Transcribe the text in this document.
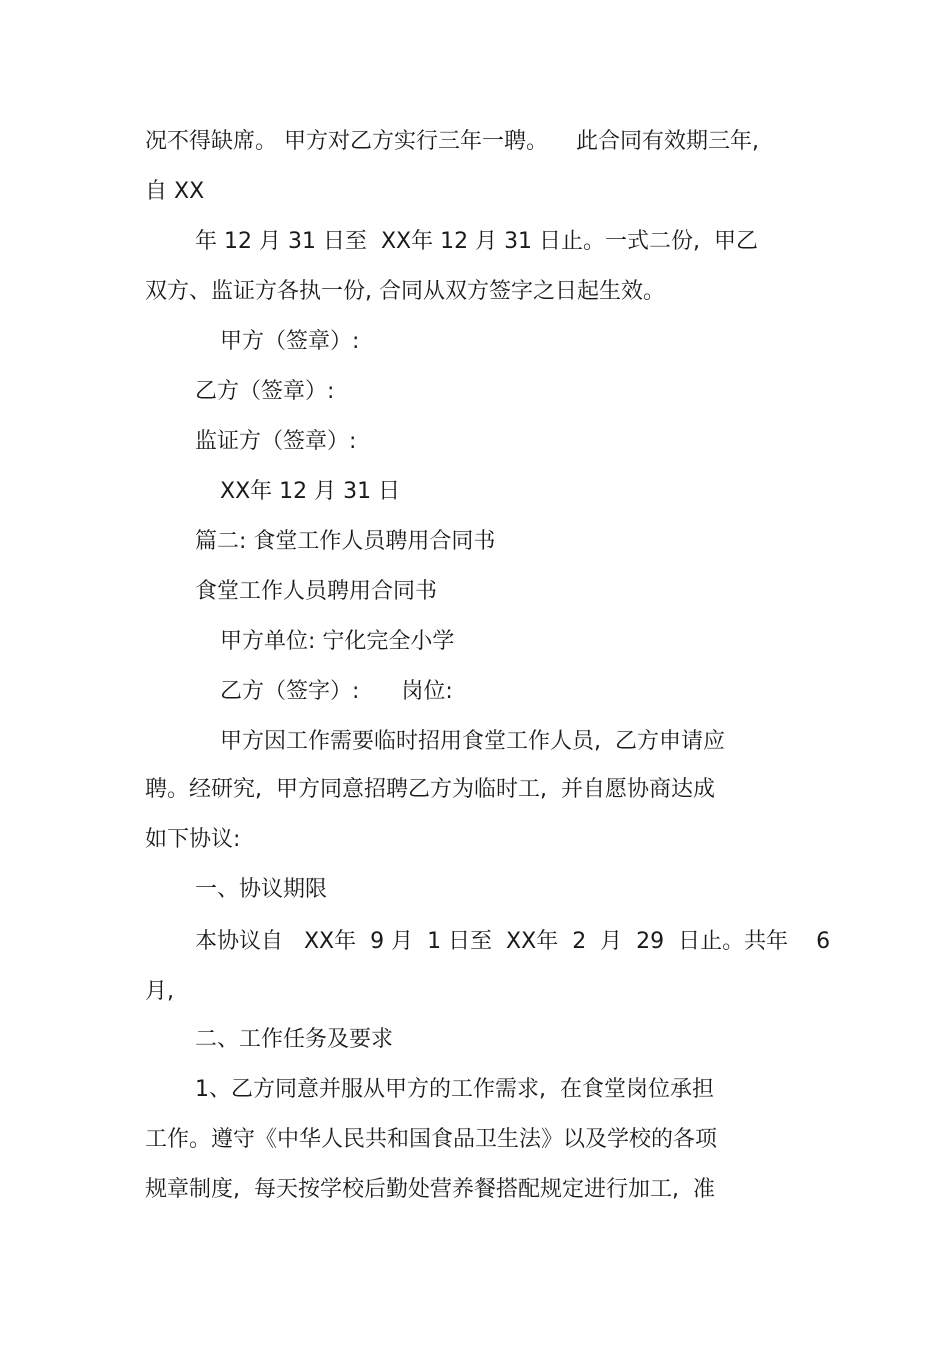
况不得缺席。 甲方对乙方实行三年一聘。    此合同有效期三年,

自 XX

年 12 月 31 日至  XX年 12 月 31 日止。一式二份,  甲乙

双方、监证方各执一份, 合同从双方签字之日起生效。

甲方（签章）:

乙方（签章）:

监证方（签章）:

XX年 12 月 31 日

篇二: 食堂工作人员聘用合同书

食堂工作人员聘用合同书

甲方单位: 宁化完全小学

乙方（签字）:      岗位:

甲方因工作需要临时招用食堂工作人员,  乙方申请应

聘。经研究,  甲方同意招聘乙方为临时工,  并自愿协商达成

如下协议:

一、协议期限

本协议自   XX年  9 月  1 日至  XX年  2  月  29  日止。共年    6

月,

二、工作任务及要求

1、乙方同意并服从甲方的工作需求,  在食堂岗位承担

工作。遵守《中华人民共和国食品卫生法》以及学校的各项

规章制度,  每天按学校后勤处营养餐搭配规定进行加工,  准
